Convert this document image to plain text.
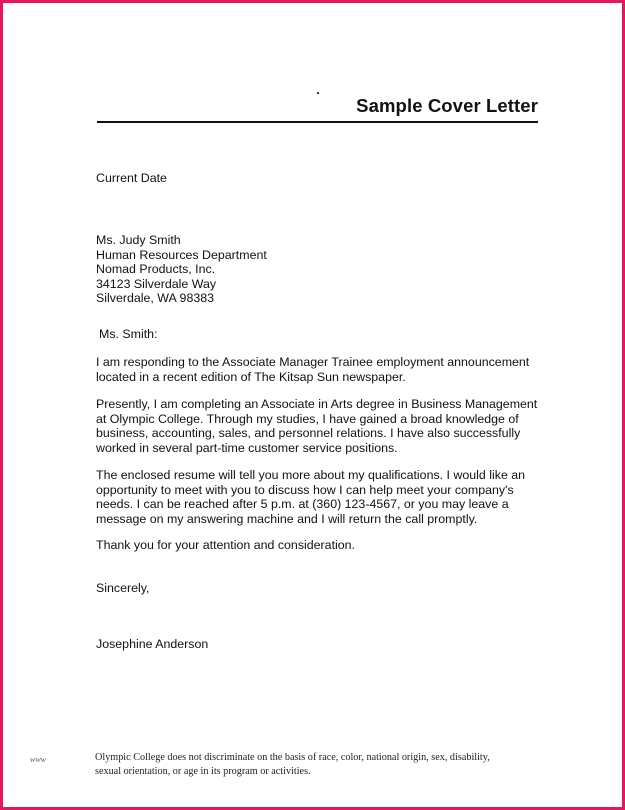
Sample Cover Letter

Current Date

Ms. Judy Smith

Human Resources Department

Nomad Products, Inc.

34123 Silverdale Way

Silverdale, WA 98383

Ms. Smith:

I am responding to the Associate Manager Trainee employment announcement

located in a recent edition of The Kitsap Sun newspaper.

Presently, I am completing an Associate in Arts degree in Business Management

at Olympic College. Through my studies, I have gained a broad knowledge of

business, accounting, sales, and personnel relations. I have also successfully

worked in several part-time customer service positions.

The enclosed resume will tell you more about my qualifications. I would like an

opportunity to meet with you to discuss how I can help meet your company's

needs. I can be reached after 5 p.m. at (360) 123-4567, or you may leave a

message on my answering machine and I will return the call promptly.

Thank you for your attention and consideration.

Sincerely,

Josephine Anderson

www	Olympic College does not discriminate on the basis of race, color, national origin, sex, disability,

sexual orientation, or age in its program or activities.
